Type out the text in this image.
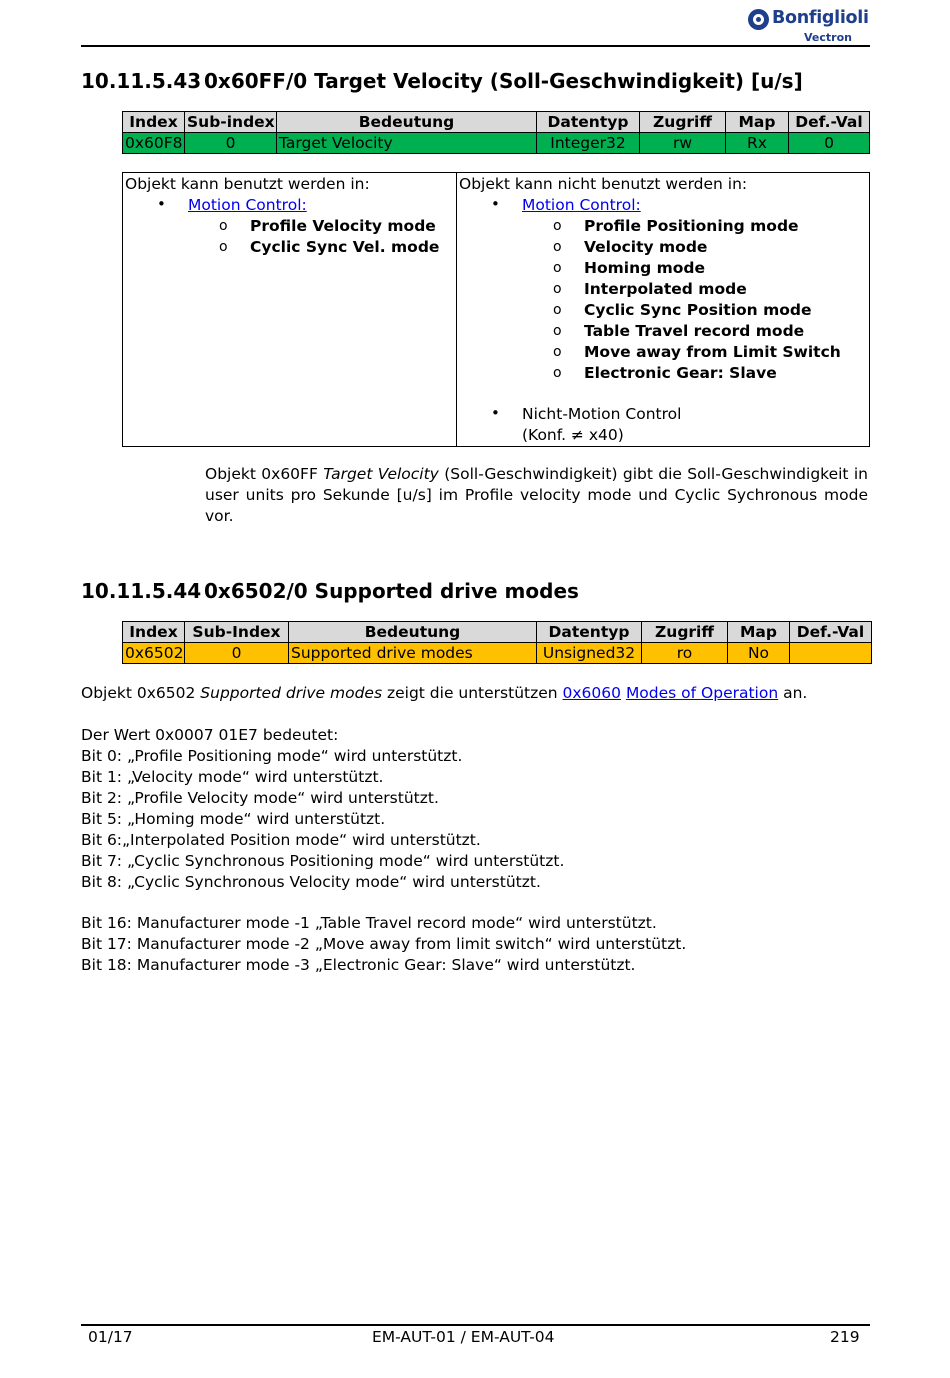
Bonfiglioli
Vectron
10.11.5.43 0x60FF/0 Target Velocity (Soll-Geschwindigkeit) [u/s]
Index	Sub-index	Bedeutung	Datentyp	Zugriff	Map	Def.-Val
0x60F8	0	Target Velocity	Integer32	rw	Rx	0
Objekt kann benutzt werden in:
• Motion Control:
o Profile Velocity mode
o Cyclic Sync Vel. mode
Objekt kann nicht benutzt werden in:
• Motion Control:
o Profile Positioning mode
o Velocity mode
o Homing mode
o Interpolated mode
o Cyclic Sync Position mode
o Table Travel record mode
o Move away from Limit Switch
o Electronic Gear: Slave
• Nicht-Motion Control
(Konf. ≠ x40)
Objekt 0x60FF Target Velocity (Soll-Geschwindigkeit) gibt die Soll-Geschwindigkeit in user units pro Sekunde [u/s] im Profile velocity mode und Cyclic Sychronous mode vor.
10.11.5.44 0x6502/0 Supported drive modes
Index	Sub-Index	Bedeutung	Datentyp	Zugriff	Map	Def.-Val
0x6502	0	Supported drive modes	Unsigned32	ro	No	
Objekt 0x6502 Supported drive modes zeigt die unterstützen 0x6060 Modes of Operation an.
Der Wert 0x0007 01E7 bedeutet:
Bit 0: „Profile Positioning mode“ wird unterstützt.
Bit 1: „Velocity mode“ wird unterstützt.
Bit 2: „Profile Velocity mode“ wird unterstützt.
Bit 5: „Homing mode“ wird unterstützt.
Bit 6:„Interpolated Position mode“ wird unterstützt.
Bit 7: „Cyclic Synchronous Positioning mode“ wird unterstützt.
Bit 8: „Cyclic Synchronous Velocity mode“ wird unterstützt.
Bit 16: Manufacturer mode -1 „Table Travel record mode“ wird unterstützt.
Bit 17: Manufacturer mode -2 „Move away from limit switch“ wird unterstützt.
Bit 18: Manufacturer mode -3 „Electronic Gear: Slave“ wird unterstützt.
01/17	EM-AUT-01 / EM-AUT-04	219
